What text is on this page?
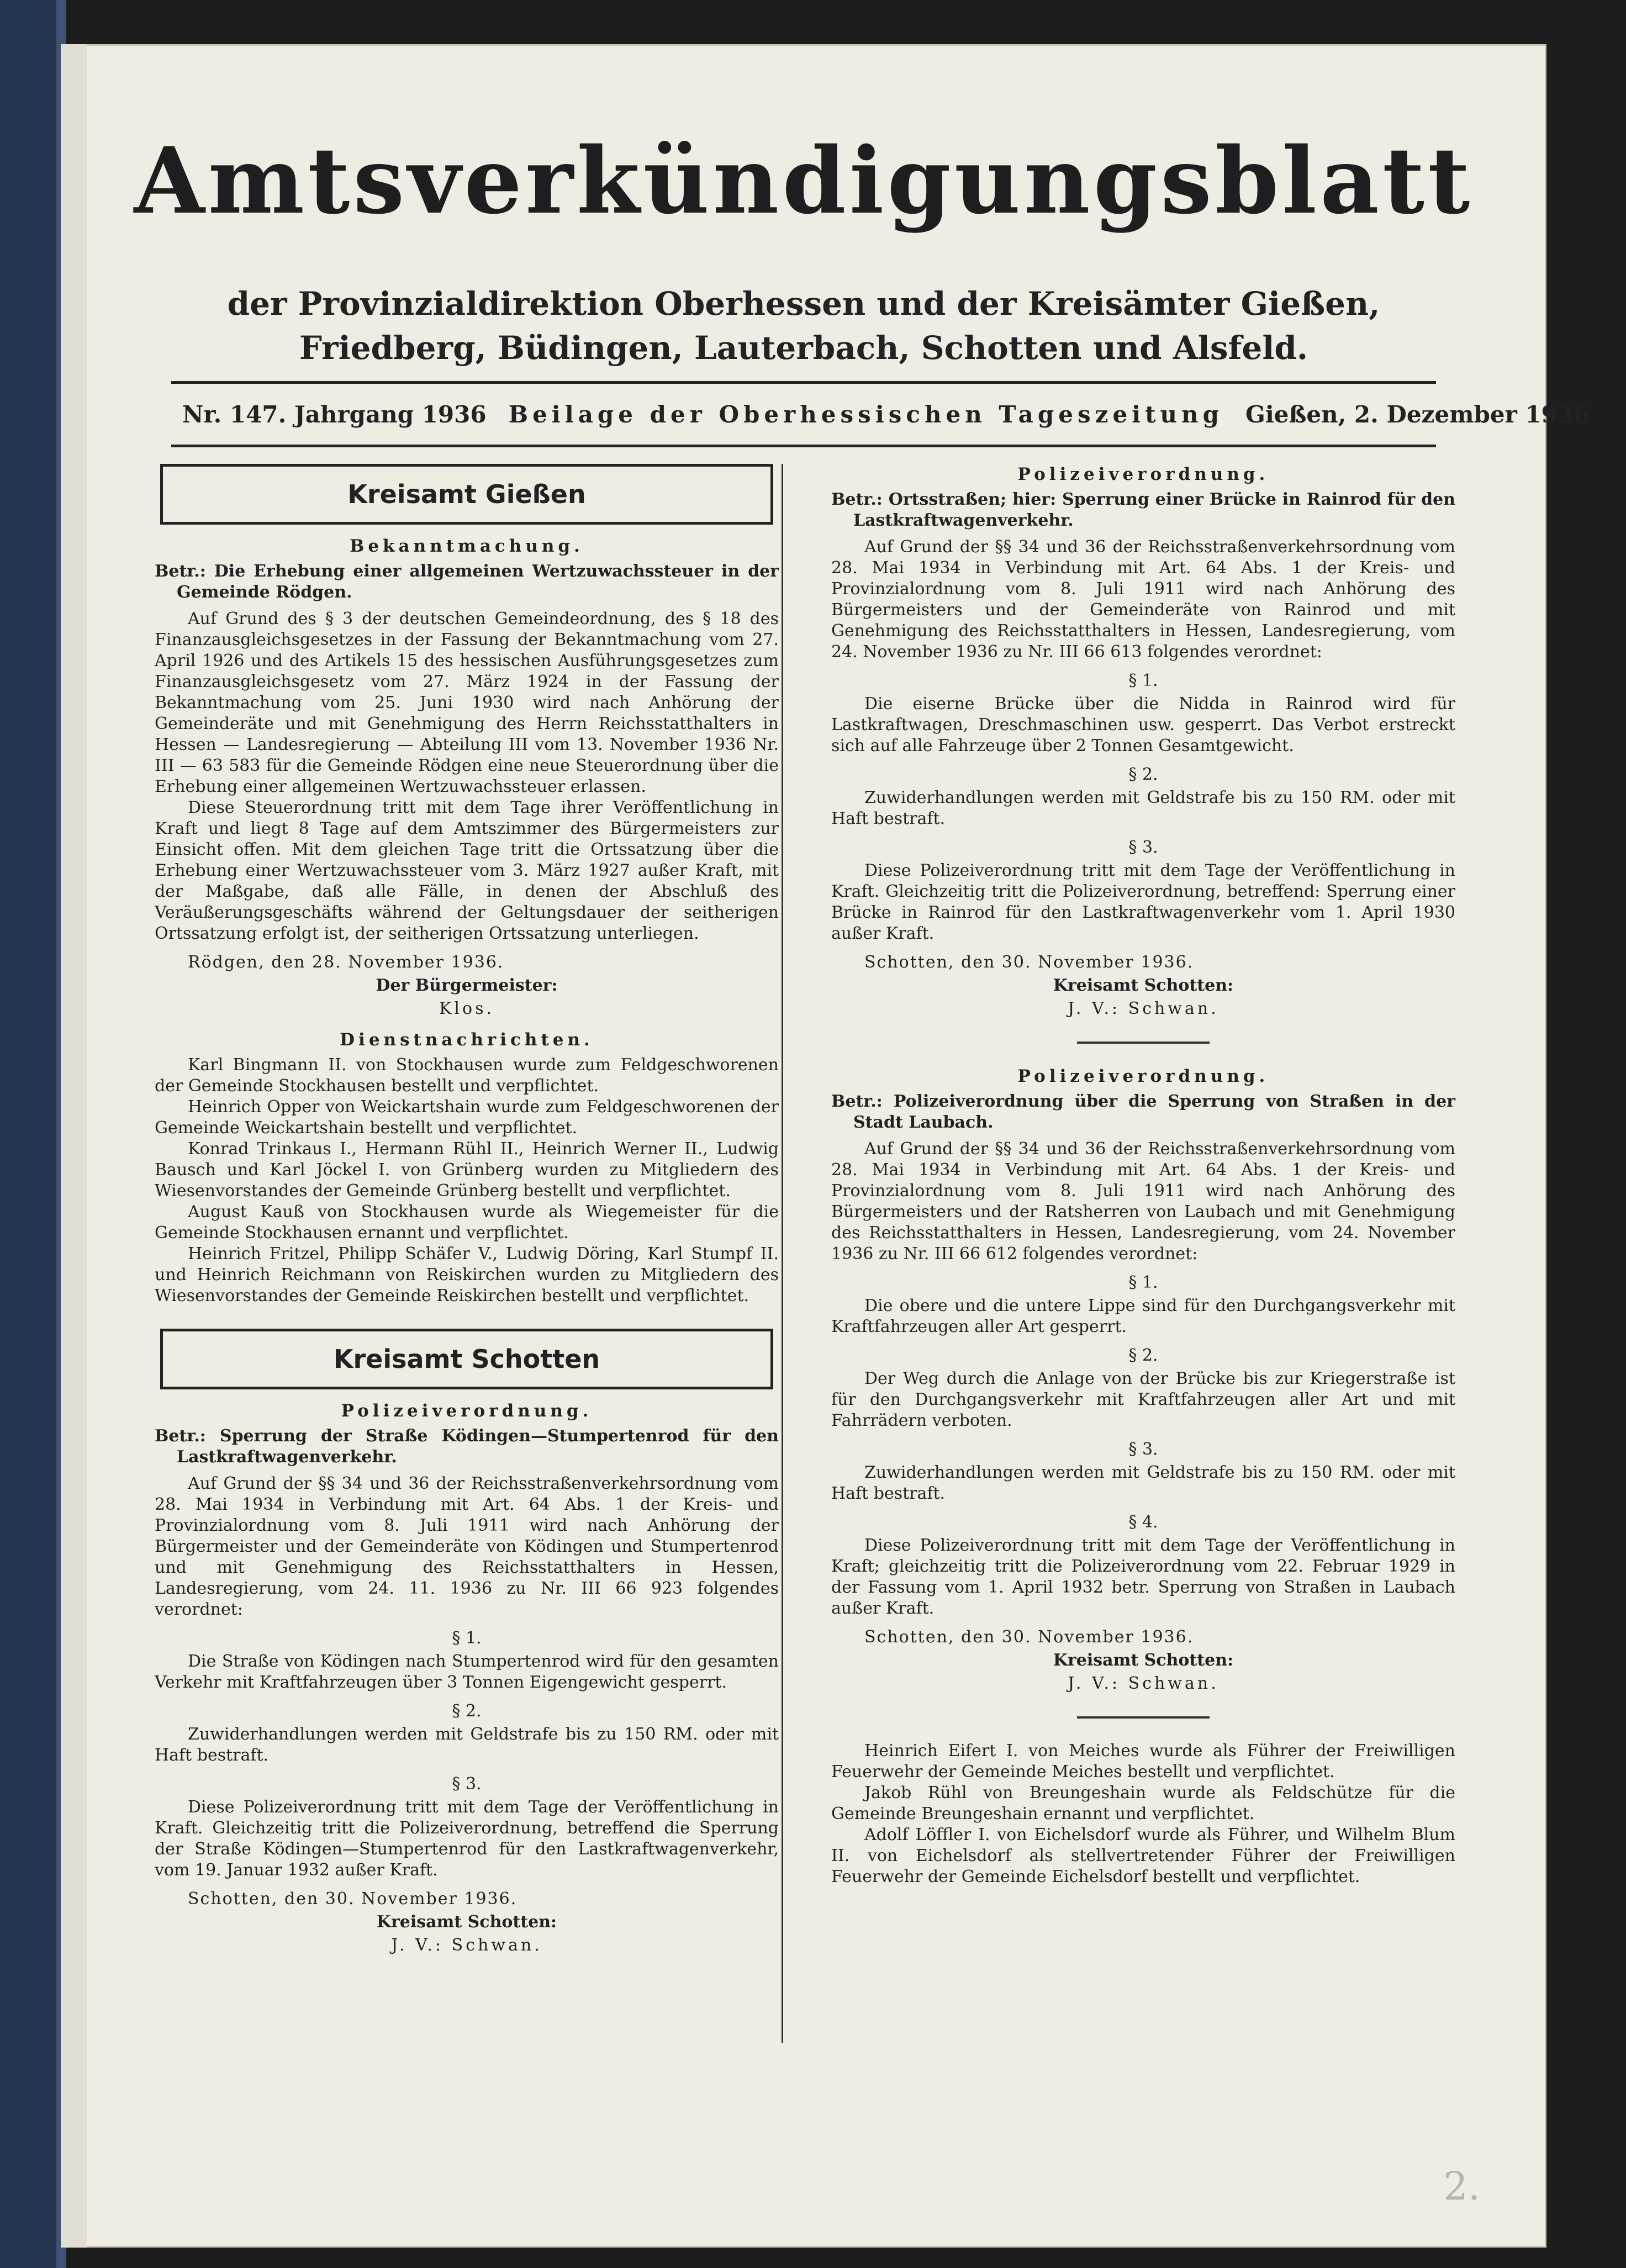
Amtsverkündigungsblatt
der Provinzialdirektion Oberhessen und der Kreisämter Gießen, Friedberg, Büdingen, Lauterbach, Schotten und Alsfeld.
Nr. 147. Jahrgang 1936 Beilage der Oberhessischen Tageszeitung Gießen, 2. Dezember 1936
Kreisamt Gießen
Bekanntmachung.

Betr.: Die Erhebung einer allgemeinen Wertzuwachssteuer in der Gemeinde Rödgen.

Auf Grund des § 3 der deutschen Gemeindeordnung, des § 18 des Finanzausgleichsgesetzes in der Fassung der Bekanntmachung vom 27. April 1926 und des Artikels 15 des hessischen Ausführungsgesetzes zum Finanzausgleichsgesetz vom 27. März 1924 in der Fassung der Bekanntmachung vom 25. Juni 1930 wird nach Anhörung der Gemeinderäte und mit Genehmigung des Herrn Reichsstatthalters in Hessen — Landesregierung — Abteilung III vom 13. November 1936 Nr. III — 63 583 für die Gemeinde Rödgen eine neue Steuerordnung über die Erhebung einer allgemeinen Wertzuwachssteuer erlassen.

Diese Steuerordnung tritt mit dem Tage ihrer Veröffentlichung in Kraft und liegt 8 Tage auf dem Amtszimmer des Bürgermeisters zur Einsicht offen. Mit dem gleichen Tage tritt die Ortssatzung über die Erhebung einer Wertzuwachssteuer vom 3. März 1927 außer Kraft, mit der Maßgabe, daß alle Fälle, in denen der Abschluß des Veräußerungsgeschäfts während der Geltungsdauer der seitherigen Ortssatzung erfolgt ist, der seitherigen Ortssatzung unterliegen.

Rödgen, den 28. November 1936.

Der Bürgermeister:

Klos.

Dienstnachrichten.

Karl Bingmann II. von Stockhausen wurde zum Feldgeschworenen der Gemeinde Stockhausen bestellt und verpflichtet.

Heinrich Opper von Weickartshain wurde zum Feldgeschworenen der Gemeinde Weickartshain bestellt und verpflichtet.

Konrad Trinkaus I., Hermann Rühl II., Heinrich Werner II., Ludwig Bausch und Karl Jöckel I. von Grünberg wurden zu Mitgliedern des Wiesenvorstandes der Gemeinde Grünberg bestellt und verpflichtet.

August Kauß von Stockhausen wurde als Wiegemeister für die Gemeinde Stockhausen ernannt und verpflichtet.

Heinrich Fritzel, Philipp Schäfer V., Ludwig Döring, Karl Stumpf II. und Heinrich Reichmann von Reiskirchen wurden zu Mitgliedern des Wiesenvorstandes der Gemeinde Reiskirchen bestellt und verpflichtet.

Kreisamt Schotten
Polizeiverordnung.

Betr.: Sperrung der Straße Ködingen—Stumpertenrod für den Lastkraftwagenverkehr.

Auf Grund der §§ 34 und 36 der Reichsstraßenverkehrsordnung vom 28. Mai 1934 in Verbindung mit Art. 64 Abs. 1 der Kreis- und Provinzialordnung vom 8. Juli 1911 wird nach Anhörung der Bürgermeister und der Gemeinderäte von Ködingen und Stumpertenrod und mit Genehmigung des Reichsstatthalters in Hessen, Landesregierung, vom 24. 11. 1936 zu Nr. III 66 923 folgendes verordnet:

§ 1.

Die Straße von Ködingen nach Stumpertenrod wird für den gesamten Verkehr mit Kraftfahrzeugen über 3 Tonnen Eigengewicht gesperrt.

§ 2.

Zuwiderhandlungen werden mit Geldstrafe bis zu 150 RM. oder mit Haft bestraft.

§ 3.

Diese Polizeiverordnung tritt mit dem Tage der Veröffentlichung in Kraft. Gleichzeitig tritt die Polizeiverordnung, betreffend die Sperrung der Straße Ködingen—Stumpertenrod für den Lastkraftwagenverkehr, vom 19. Januar 1932 außer Kraft.

Schotten, den 30. November 1936.

Kreisamt Schotten:

J. V.: Schwan.

Polizeiverordnung.

Betr.: Ortsstraßen; hier: Sperrung einer Brücke in Rainrod für den Lastkraftwagenverkehr.

Auf Grund der §§ 34 und 36 der Reichsstraßenverkehrsordnung vom 28. Mai 1934 in Verbindung mit Art. 64 Abs. 1 der Kreis- und Provinzialordnung vom 8. Juli 1911 wird nach Anhörung des Bürgermeisters und der Gemeinderäte von Rainrod und mit Genehmigung des Reichsstatthalters in Hessen, Landesregierung, vom 24. November 1936 zu Nr. III 66 613 folgendes verordnet:

§ 1.

Die eiserne Brücke über die Nidda in Rainrod wird für Lastkraftwagen, Dreschmaschinen usw. gesperrt. Das Verbot erstreckt sich auf alle Fahrzeuge über 2 Tonnen Gesamtgewicht.

§ 2.

Zuwiderhandlungen werden mit Geldstrafe bis zu 150 RM. oder mit Haft bestraft.

§ 3.

Diese Polizeiverordnung tritt mit dem Tage der Veröffentlichung in Kraft. Gleichzeitig tritt die Polizeiverordnung, betreffend: Sperrung einer Brücke in Rainrod für den Lastkraftwagenverkehr vom 1. April 1930 außer Kraft.

Schotten, den 30. November 1936.

Kreisamt Schotten:

J. V.: Schwan.

Polizeiverordnung.

Betr.: Polizeiverordnung über die Sperrung von Straßen in der Stadt Laubach.

Auf Grund der §§ 34 und 36 der Reichsstraßenverkehrsordnung vom 28. Mai 1934 in Verbindung mit Art. 64 Abs. 1 der Kreis- und Provinzialordnung vom 8. Juli 1911 wird nach Anhörung des Bürgermeisters und der Ratsherren von Laubach und mit Genehmigung des Reichsstatthalters in Hessen, Landesregierung, vom 24. November 1936 zu Nr. III 66 612 folgendes verordnet:

§ 1.

Die obere und die untere Lippe sind für den Durchgangsverkehr mit Kraftfahrzeugen aller Art gesperrt.

§ 2.

Der Weg durch die Anlage von der Brücke bis zur Kriegerstraße ist für den Durchgangsverkehr mit Kraftfahrzeugen aller Art und mit Fahrrädern verboten.

§ 3.

Zuwiderhandlungen werden mit Geldstrafe bis zu 150 RM. oder mit Haft bestraft.

§ 4.

Diese Polizeiverordnung tritt mit dem Tage der Veröffentlichung in Kraft; gleichzeitig tritt die Polizeiverordnung vom 22. Februar 1929 in der Fassung vom 1. April 1932 betr. Sperrung von Straßen in Laubach außer Kraft.

Schotten, den 30. November 1936.

Kreisamt Schotten:

J. V.: Schwan.

Heinrich Eifert I. von Meiches wurde als Führer der Freiwilligen Feuerwehr der Gemeinde Meiches bestellt und verpflichtet.

Jakob Rühl von Breungeshain wurde als Feldschütze für die Gemeinde Breungeshain ernannt und verpflichtet.

Adolf Löffler I. von Eichelsdorf wurde als Führer, und Wilhelm Blum II. von Eichelsdorf als stellvertretender Führer der Freiwilligen Feuerwehr der Gemeinde Eichelsdorf bestellt und verpflichtet.

2.
